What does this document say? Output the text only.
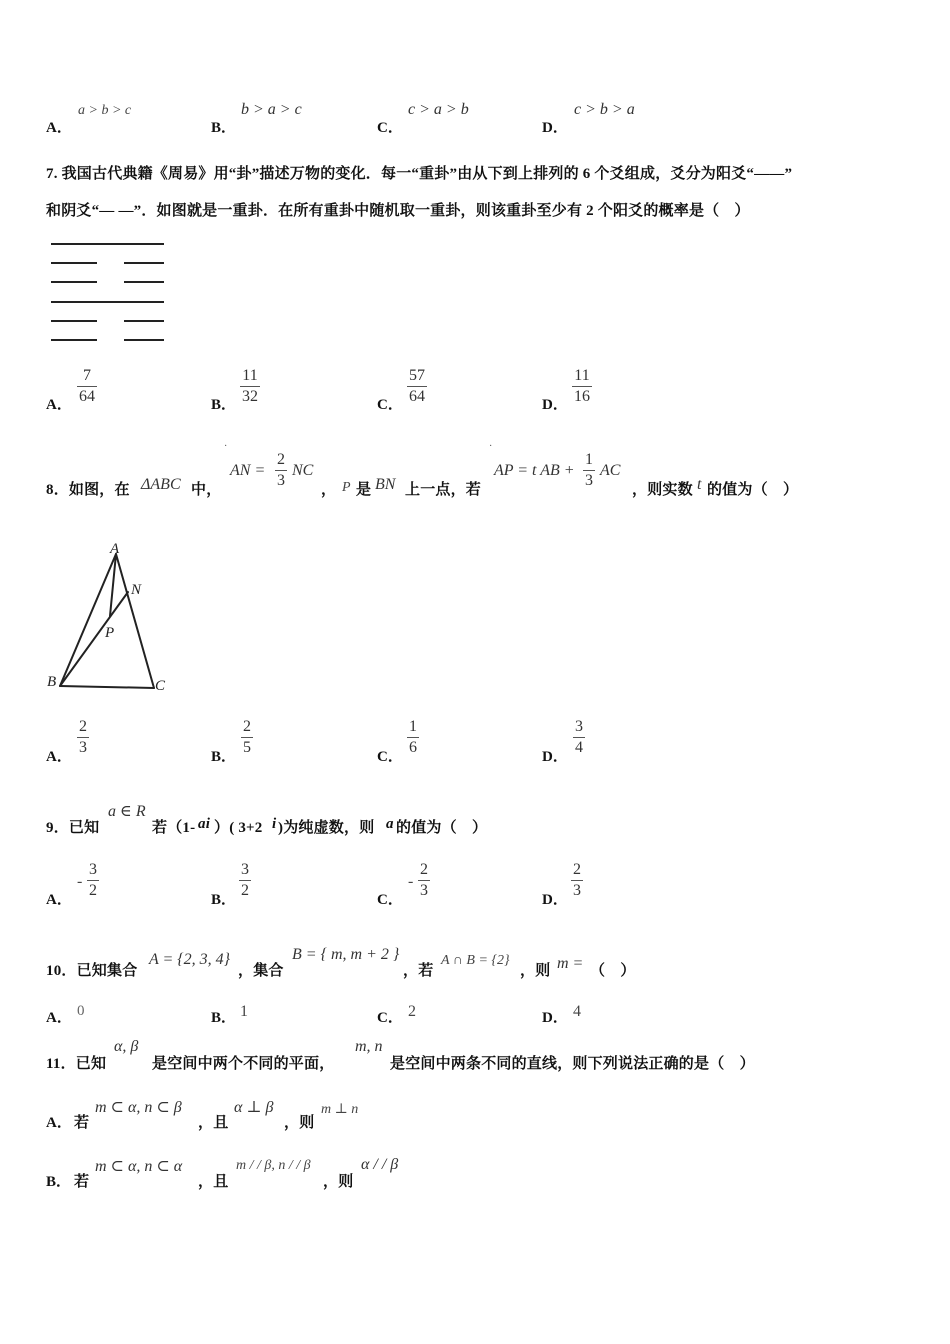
A．
a > b > c
B．
b > a > c
C．
c > a > b
D．
c > b > a
7. 我国古代典籍《周易》用“卦”描述万物的变化．每一“重卦”由从下到上排列的 6 个爻组成，爻分为阳爻“——”
和阴爻“— —”．如图就是一重卦．在所有重卦中随机取一重卦，则该重卦至少有 2 个阳爻的概率是（　）
A．
7
64	B．
11
32	C．
57
64	D．
11
16
·	·
8．如图，在 ΔABC 中，
AN =
2
3
NC
， P 是 BN 上一点，若
AP = t AB +
1
3
AC
，则实数 t 的值为（　）
A
B	C
N
P
A．
2
3
B．
2
5
C．
1
6
D．
3
4
9．已知
a ∈ R
若（1- ai ）( 3+2 i )为纯虚数，则 a 的值为（　）
A．
-
3
2
B．
3
2
C．
-
2
3
D．
2
3
10．已知集合
A = {2, 3, 4}
，集合
B = { m, m + 2 }
，若
A ∩ B = {2}
，则 m = （　）
A． 0	B． 1	C． 2	D． 4
11．已知
α, β
是空间中两个不同的平面，
m, n
是空间中两条不同的直线，则下列说法正确的是（　）
A． 若
m ⊂ α, n ⊂ β
，且
α ⊥ β
，则
m ⊥ n
B． 若
m ⊂ α, n ⊂ α
，且
m / / β, n / / β
，则
α / / β
